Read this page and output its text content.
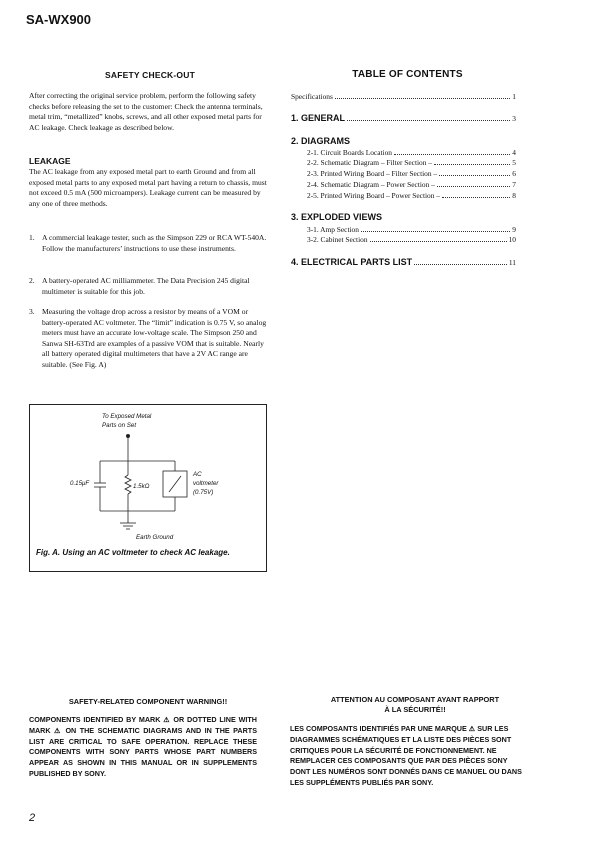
SA-WX900
SAFETY CHECK-OUT
After correcting the original service problem, perform the following safety checks before releasing the set to the customer: Check the antenna terminals, metal trim, “metallized” knobs, screws, and all other exposed metal parts for AC leakage. Check leakage as described below.
LEAKAGE
The AC leakage from any exposed metal part to earth Ground and from all exposed metal parts to any exposed metal part having a return to chassis, must not exceed 0.5 mA (500 microampers). Leakage current can be measured by any one of three methods.
1. A commercial leakage tester, such as the Simpson 229 or RCA WT-540A. Follow the manufacturers’ instructions to use these instruments.
2. A battery-operated AC milliammeter. The Data Precision 245 digital multimeter is suitable for this job.
3. Measuring the voltage drop across a resistor by means of a VOM or battery-operated AC voltmeter. The “limit” indication is 0.75 V, so analog meters must have an accurate low-voltage scale. The Simpson 250 and Sanwa SH-63Trd are examples of a passive VOM that is suitable. Nearly all battery operated digital multimeters that have a 2V AC range are suitable. (See Fig. A)
To Exposed Metal
Parts on Set
0.15μF	1.5kΩ
AC
voltmeter
(0.75V)
Earth Ground
Fig. A. Using an AC voltmeter to check AC leakage.
TABLE OF CONTENTS
Specifications	1
1. GENERAL	3
2. DIAGRAMS
2-1. Circuit Boards Location	4
2-2. Schematic Diagram – Filter Section –	5
2-3. Printed Wiring Board – Filter Section –	6
2-4. Schematic Diagram – Power Section –	7
2-5. Printed Wiring Board – Power Section –	8
3. EXPLODED VIEWS
3-1. Amp Section	9
3-2. Cabinet Section	10
4. ELECTRICAL PARTS LIST	11
SAFETY-RELATED COMPONENT WARNING!!
COMPONENTS IDENTIFIED BY MARK ⚠ OR DOTTED LINE WITH MARK ⚠ ON THE SCHEMATIC DIAGRAMS AND IN THE PARTS LIST ARE CRITICAL TO SAFE OPERATION. REPLACE THESE COMPONENTS WITH SONY PARTS WHOSE PART NUMBERS APPEAR AS SHOWN IN THIS MANUAL OR IN SUPPLEMENTS PUBLISHED BY SONY.
ATTENTION AU COMPOSANT AYANT RAPPORT
À LA SÉCURITÉ!!
LES COMPOSANTS IDENTIFIÉS PAR UNE MARQUE ⚠ SUR LES DIAGRAMMES SCHÉMATIQUES ET LA LISTE DES PIÈCES SONT CRITIQUES POUR LA SÉCURITÉ DE FONCTIONNEMENT. NE REMPLACER CES COMPOSANTS QUE PAR DES PIÈCES SONY DONT LES NUMÉROS SONT DONNÉS DANS CE MANUEL OU DANS LES SUPPLÉMENTS PUBLIÉS PAR SONY.
2
